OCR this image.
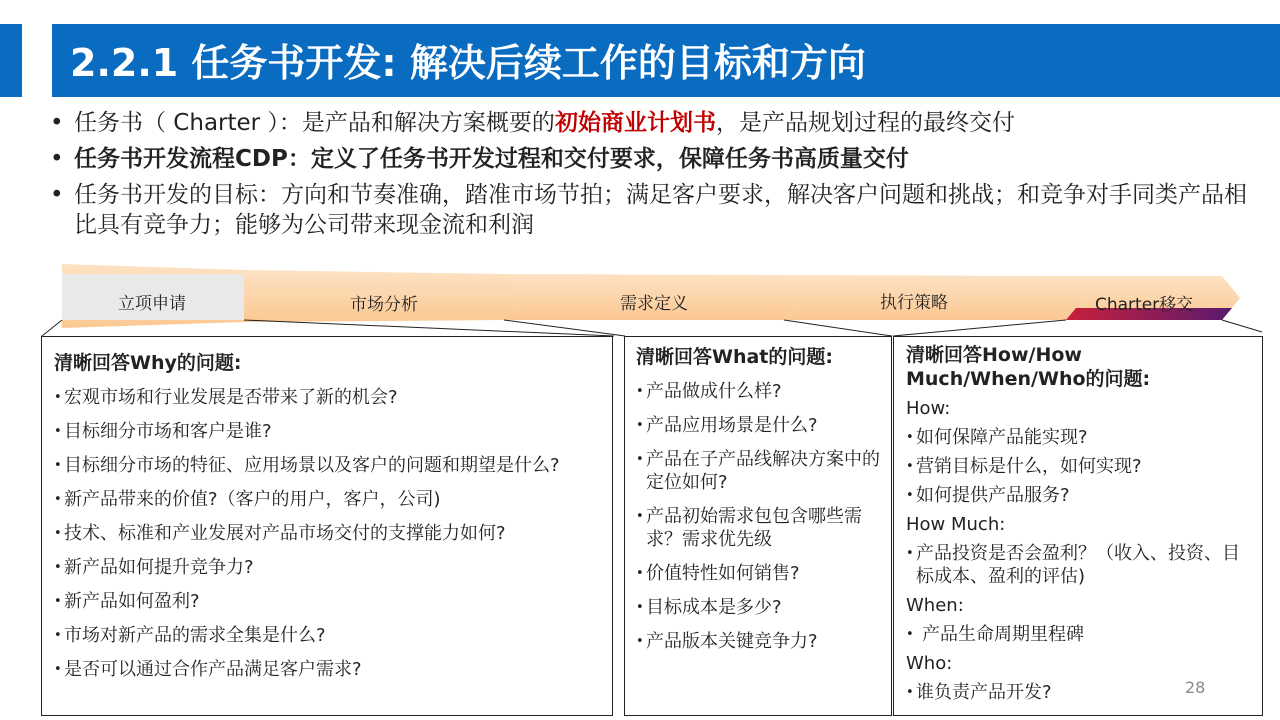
2.2.1 任务书开发: 解决后续工作的目标和方向
• 任务书（ Charter ）：是产品和解决方案概要的初始商业计划书，是产品规划过程的最终交付
• 任务书开发流程CDP：定义了任务书开发过程和交付要求，保障任务书高质量交付
• 任务书开发的目标：方向和节奏准确，踏准市场节拍；满足客户要求，解决客户问题和挑战；和竞争对手同类产品相比具有竞争力；能够为公司带来现金流和利润
立项申请	市场分析	需求定义	执行策略	Charter移交
清晰回答Why的问题:
• 宏观市场和行业发展是否带来了新的机会?
• 目标细分市场和客户是谁?
• 目标细分市场的特征、应用场景以及客户的问题和期望是什么?
• 新产品带来的价值?（客户的用户，客户，公司)
• 技术、标准和产业发展对产品市场交付的支撑能力如何?
• 新产品如何提升竞争力?
• 新产品如何盈利?
• 市场对新产品的需求全集是什么?
• 是否可以通过合作产品满足客户需求?
清晰回答What的问题:
• 产品做成什么样?
• 产品应用场景是什么?
• 产品在子产品线解决方案中的定位如何?
• 产品初始需求包包含哪些需求？需求优先级
• 价值特性如何销售?
• 目标成本是多少?
• 产品版本关键竞争力?
清晰回答How/How Much/When/Who的问题:
How:
• 如何保障产品能实现?
• 营销目标是什么，如何实现?
• 如何提供产品服务?
How Much:
• 产品投资是否会盈利？（收入、投资、目标成本、盈利的评估)
When:
• 产品生命周期里程碑
Who:
• 谁负责产品开发?	28
